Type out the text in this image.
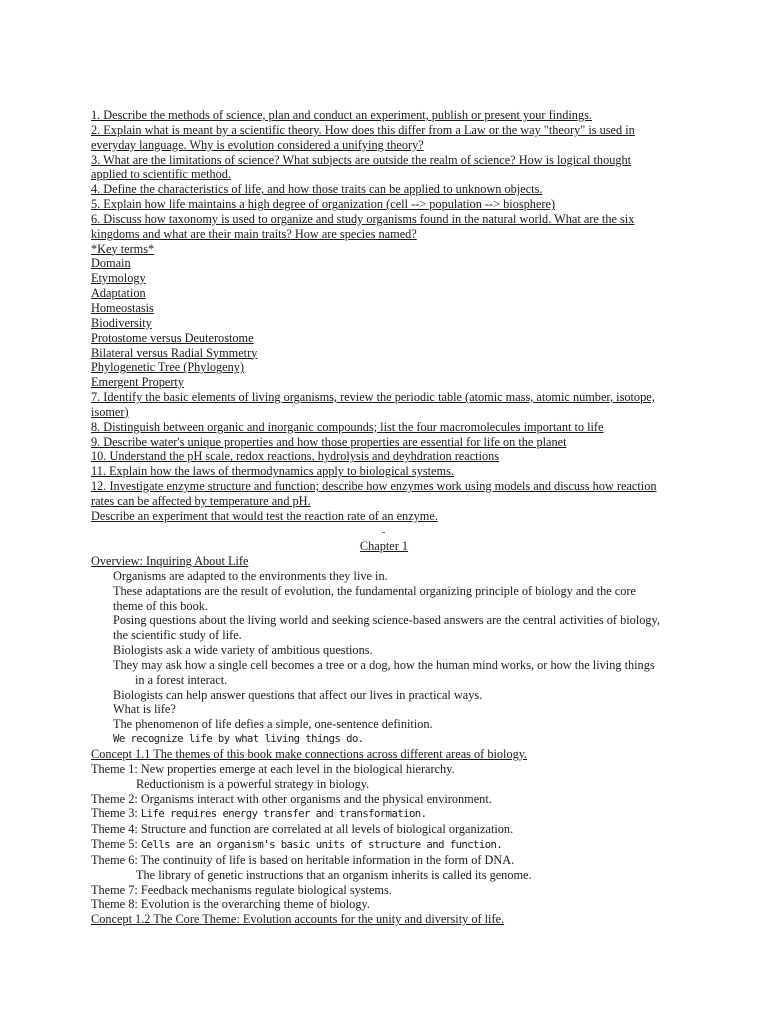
1. Describe the methods of science, plan and conduct an experiment, publish or present your findings.
2. Explain what is meant by a scientific theory. How does this differ from a Law or the way "theory" is used in
everyday language. Why is evolution considered a unifying theory?
3. What are the limitations of science? What subjects are outside the realm of science? How is logical thought
applied to scientific method.
4. Define the characteristics of life, and how those traits can be applied to unknown objects.
5. Explain how life maintains a high degree of organization (cell --> population --> biosphere)
6. Discuss how taxonomy is used to organize and study organisms found in the natural world. What are the six
kingdoms and what are their main traits? How are species named?
*Key terms*
Domain
Etymology
Adaptation
Homeostasis
Biodiversity
Protostome versus Deuterostome
Bilateral versus Radial Symmetry
Phylogenetic Tree (Phylogeny)
Emergent Property
7. Identify the basic elements of living organisms, review the periodic table (atomic mass, atomic number, isotope,
isomer)
8. Distinguish between organic and inorganic compounds; list the four macromolecules important to life
9. Describe water's unique properties and how those properties are essential for life on the planet
10. Understand the pH scale, redox reactions, hydrolysis and deyhdration reactions
11. Explain how the laws of thermodynamics apply to biological systems.
12. Investigate enzyme structure and function; describe how enzymes work using models and discuss how reaction
rates can be affected by temperature and pH.
Describe an experiment that would test the reaction rate of an enzyme.
-
Chapter 1
Overview: Inquiring About Life
Organisms are adapted to the environments they live in.
These adaptations are the result of evolution, the fundamental organizing principle of biology and the core
theme of this book.
Posing questions about the living world and seeking science-based answers are the central activities of biology,
the scientific study of life.
Biologists ask a wide variety of ambitious questions.
They may ask how a single cell becomes a tree or a dog, how the human mind works, or how the living things
in a forest interact.
Biologists can help answer questions that affect our lives in practical ways.
What is life?
The phenomenon of life defies a simple, one-sentence definition.
We recognize life by what living things do.
Concept 1.1 The themes of this book make connections across different areas of biology.
Theme 1: New properties emerge at each level in the biological hierarchy.
Reductionism is a powerful strategy in biology.
Theme 2: Organisms interact with other organisms and the physical environment.
Theme 3: Life requires energy transfer and transformation.
Theme 4: Structure and function are correlated at all levels of biological organization.
Theme 5: Cells are an organism's basic units of structure and function.
Theme 6: The continuity of life is based on heritable information in the form of DNA.
The library of genetic instructions that an organism inherits is called its genome.
Theme 7: Feedback mechanisms regulate biological systems.
Theme 8: Evolution is the overarching theme of biology.
Concept 1.2 The Core Theme: Evolution accounts for the unity and diversity of life.
